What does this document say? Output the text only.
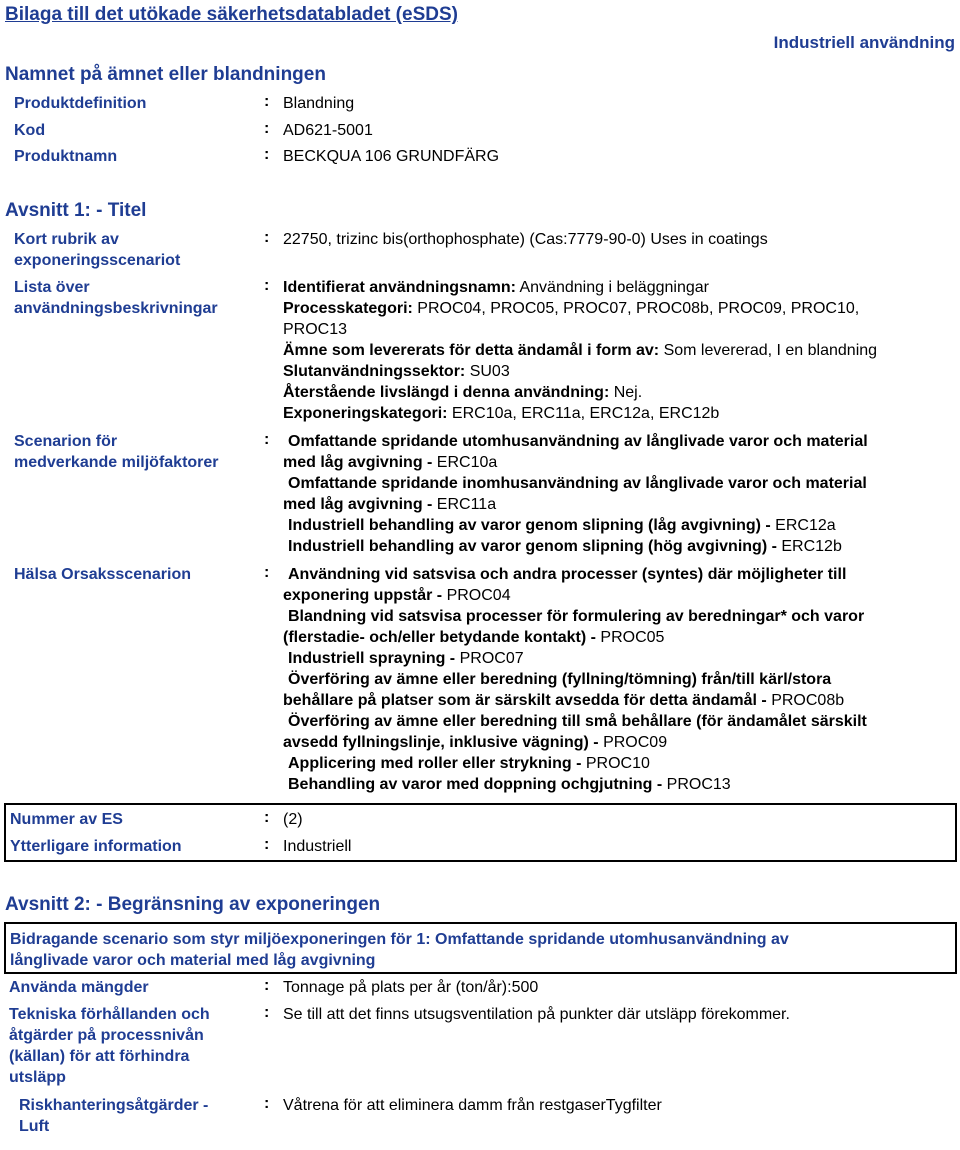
Bilaga till det utökade säkerhetsdatabladet (eSDS)
Industriell användning
Namnet på ämnet eller blandningen
Produktdefinition	: Blandning
Kod	: AD621-5001
Produktnamn	: BECKQUA 106 GRUNDFÄRG
Avsnitt 1: - Titel
Kort rubrik av
exponeringsscenariot
: 22750, trizinc bis(orthophosphate) (Cas:7779-90-0) Uses in coatings
Lista över
användningsbeskrivningar
: Identifierat användningsnamn: Användning i beläggningar
Processkategori: PROC04, PROC05, PROC07, PROC08b, PROC09, PROC10,
PROC13
Ämne som levererats för detta ändamål i form av: Som levererad, I en blandning
Slutanvändningssektor: SU03
Återstående livslängd i denna användning: Nej.
Exponeringskategori: ERC10a, ERC11a, ERC12a, ERC12b
Scenarion för
medverkande miljöfaktorer
:	Omfattande spridande utomhusanvändning av långlivade varor och material
med låg avgivning - ERC10a
Omfattande spridande inomhusanvändning av långlivade varor och material
med låg avgivning - ERC11a
Industriell behandling av varor genom slipning (låg avgivning) - ERC12a
Industriell behandling av varor genom slipning (hög avgivning) - ERC12b
Hälsa Orsaksscenarion	:	Användning vid satsvisa och andra processer (syntes) där möjligheter till
exponering uppstår - PROC04
Blandning vid satsvisa processer för formulering av beredningar* och varor
(flerstadie- och/eller betydande kontakt) - PROC05
Industriell sprayning - PROC07
Överföring av ämne eller beredning (fyllning/tömning) från/till kärl/stora
behållare på platser som är särskilt avsedda för detta ändamål - PROC08b
Överföring av ämne eller beredning till små behållare (för ändamålet särskilt
avsedd fyllningslinje, inklusive vägning) - PROC09
Applicering med roller eller strykning - PROC10
Behandling av varor med doppning ochgjutning - PROC13
Nummer av ES	: (2)
Ytterligare information	: Industriell
Avsnitt 2: - Begränsning av exponeringen
Bidragande scenario som styr miljöexponeringen för 1: Omfattande spridande utomhusanvändning av
långlivade varor och material med låg avgivning
Använda mängder	: Tonnage på plats per år (ton/år):500
Tekniska förhållanden och
åtgärder på processnivån
(källan) för att förhindra
utsläpp
: Se till att det finns utsugsventilation på punkter där utsläpp förekommer.
Riskhanteringsåtgärder -
Luft
: Våtrena för att eliminera damm från restgaserTygfilter
